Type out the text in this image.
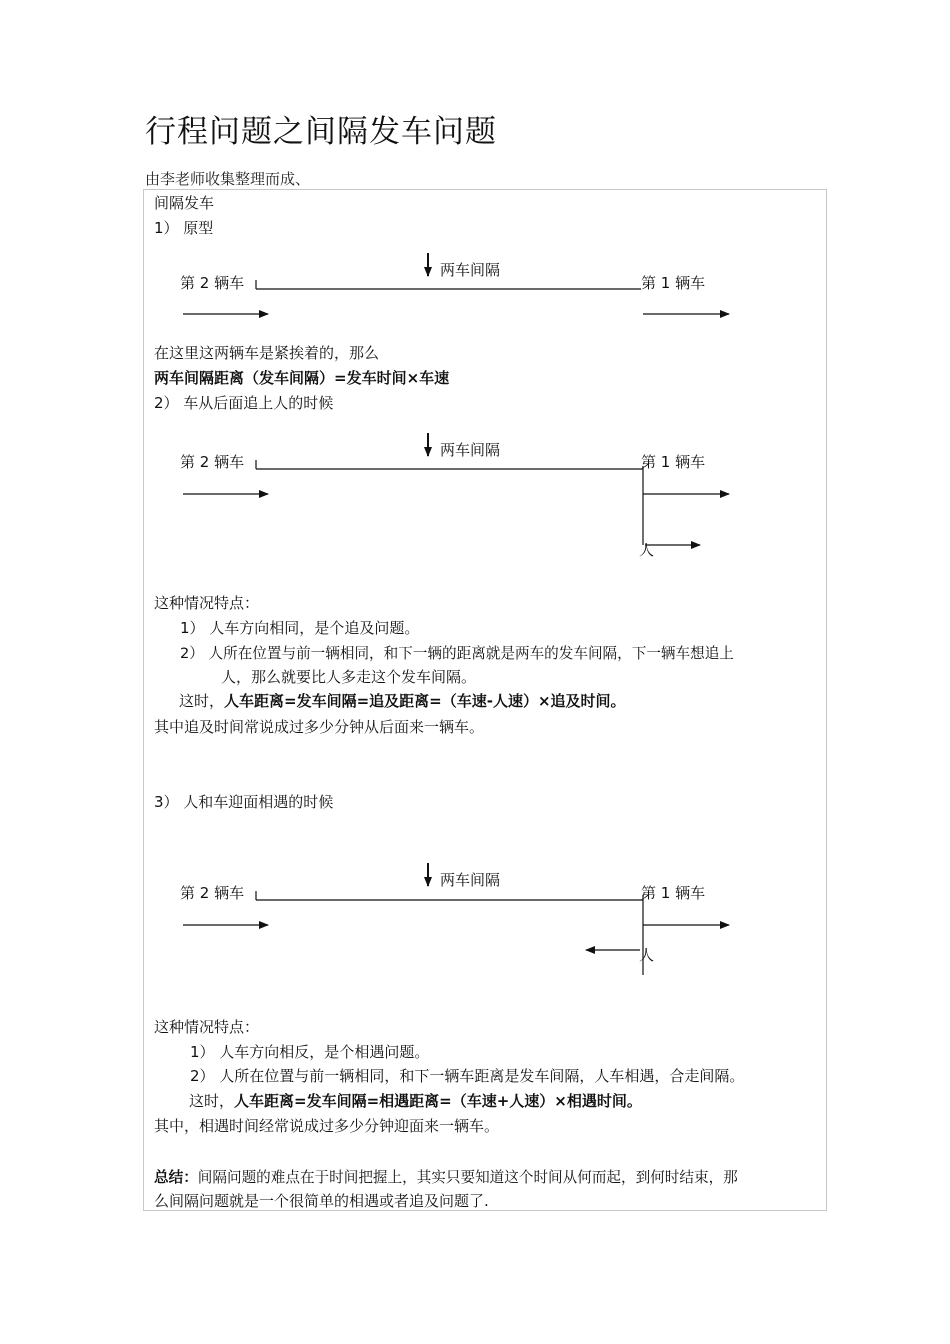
行程问题之间隔发车问题
由李老师收集整理而成、
第 2 辆车	第 1 辆车
两车间隔
第 2 辆车	第 1 辆车
两车间隔
人
第 2 辆车	第 1 辆车
两车间隔
人
间隔发车
1） 原型
在这里这两辆车是紧挨着的，那么
两车间隔距离（发车间隔）=发车时间×车速
2） 车从后面追上人的时候
这种情况特点：
1） 人车方向相同，是个追及问题。
2） 人所在位置与前一辆相同，和下一辆的距离就是两车的发车间隔，下一辆车想追上
人，那么就要比人多走这个发车间隔。
这时，人车距离=发车间隔=追及距离=（车速-人速）×追及时间。
其中追及时间常说成过多少分钟从后面来一辆车。
3） 人和车迎面相遇的时候
这种情况特点：
1） 人车方向相反，是个相遇问题。
2） 人所在位置与前一辆相同，和下一辆车距离是发车间隔，人车相遇，合走间隔。
这时，人车距离=发车间隔=相遇距离=（车速+人速）×相遇时间。
其中，相遇时间经常说成过多少分钟迎面来一辆车。
总结：间隔问题的难点在于时间把握上，其实只要知道这个时间从何而起，到何时结束，那
么间隔问题就是一个很简单的相遇或者追及问题了.
